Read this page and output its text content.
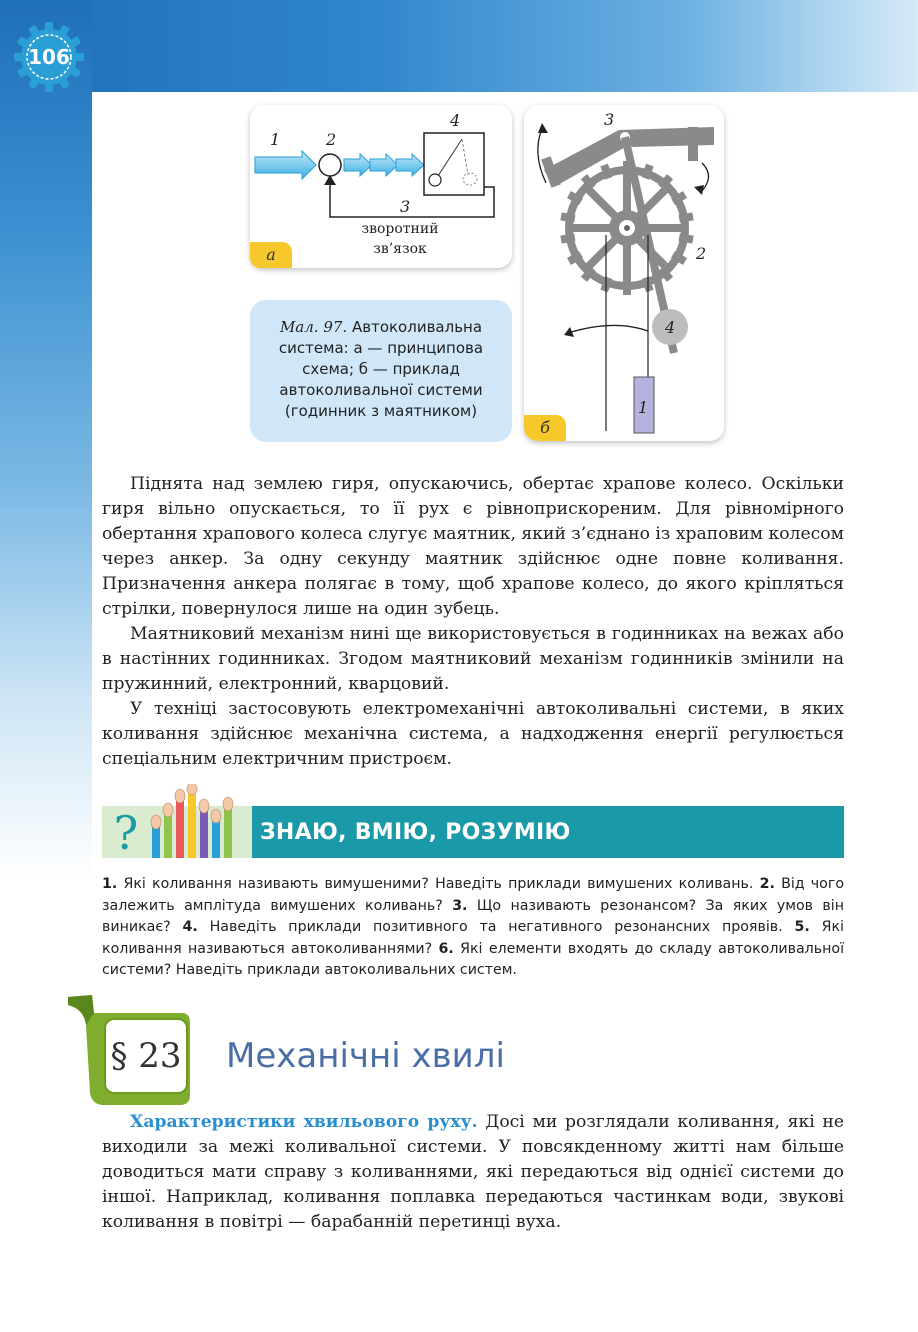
106
1	2
3
4
зворотний
зв’язок
а
3
2
4
1
б
Мал. 97. Автоколивальна
система: а — принципова
схема; б — приклад
автоколивальної системи
(годинник з маятником)

Піднята над землею гиря, опускаючись, обертає храпове колесо. Оскільки гиря вільно опускається, то її рух є рівноприскореним. Для рівномірного обертання храпового колеса слугує маятник, який з’єднано із храповим колесом через анкер. За одну секунду маятник здійснює одне повне коливання. Призначення анкера полягає в тому, щоб храпове колесо, до якого кріпляться стрілки, повернулося лише на один зубець.

Маятниковий механізм нині ще використовується в годинниках на вежах або в настінних годинниках. Згодом маятниковий механізм годинників змінили на пружинний, електронний, кварцовий.

У техніці застосовують електромеханічні автоколивальні системи, в яких коливання здійснює механічна система, а надходження енергії регулюється спеціальним електричним пристроєм.

?	ЗНАЮ, ВМІЮ, РОЗУМІЮ

1. Які коливання називають вимушеними? Наведіть приклади вимушених коливань. 2. Від чого залежить амплітуда вимушених коливань? 3. Що називають резонансом? За яких умов він виникає? 4. Наведіть приклади позитивного та негативного резонансних проявів. 5. Які коливання називаються автоколиваннями? 6. Які елементи входять до складу автоколивальної системи? Наведіть приклади автоколивальних систем.

§ 23 Механічні хвилі

Характеристики хвильового руху. Досі ми розглядали коливання, які не виходили за межі коливальної системи. У повсякденному житті нам більше доводиться мати справу з коливаннями, які передаються від однієї системи до іншої. Наприклад, коливання поплавка передаються частинкам води, звукові коливання в повітрі — барабанній перетинці вуха.
